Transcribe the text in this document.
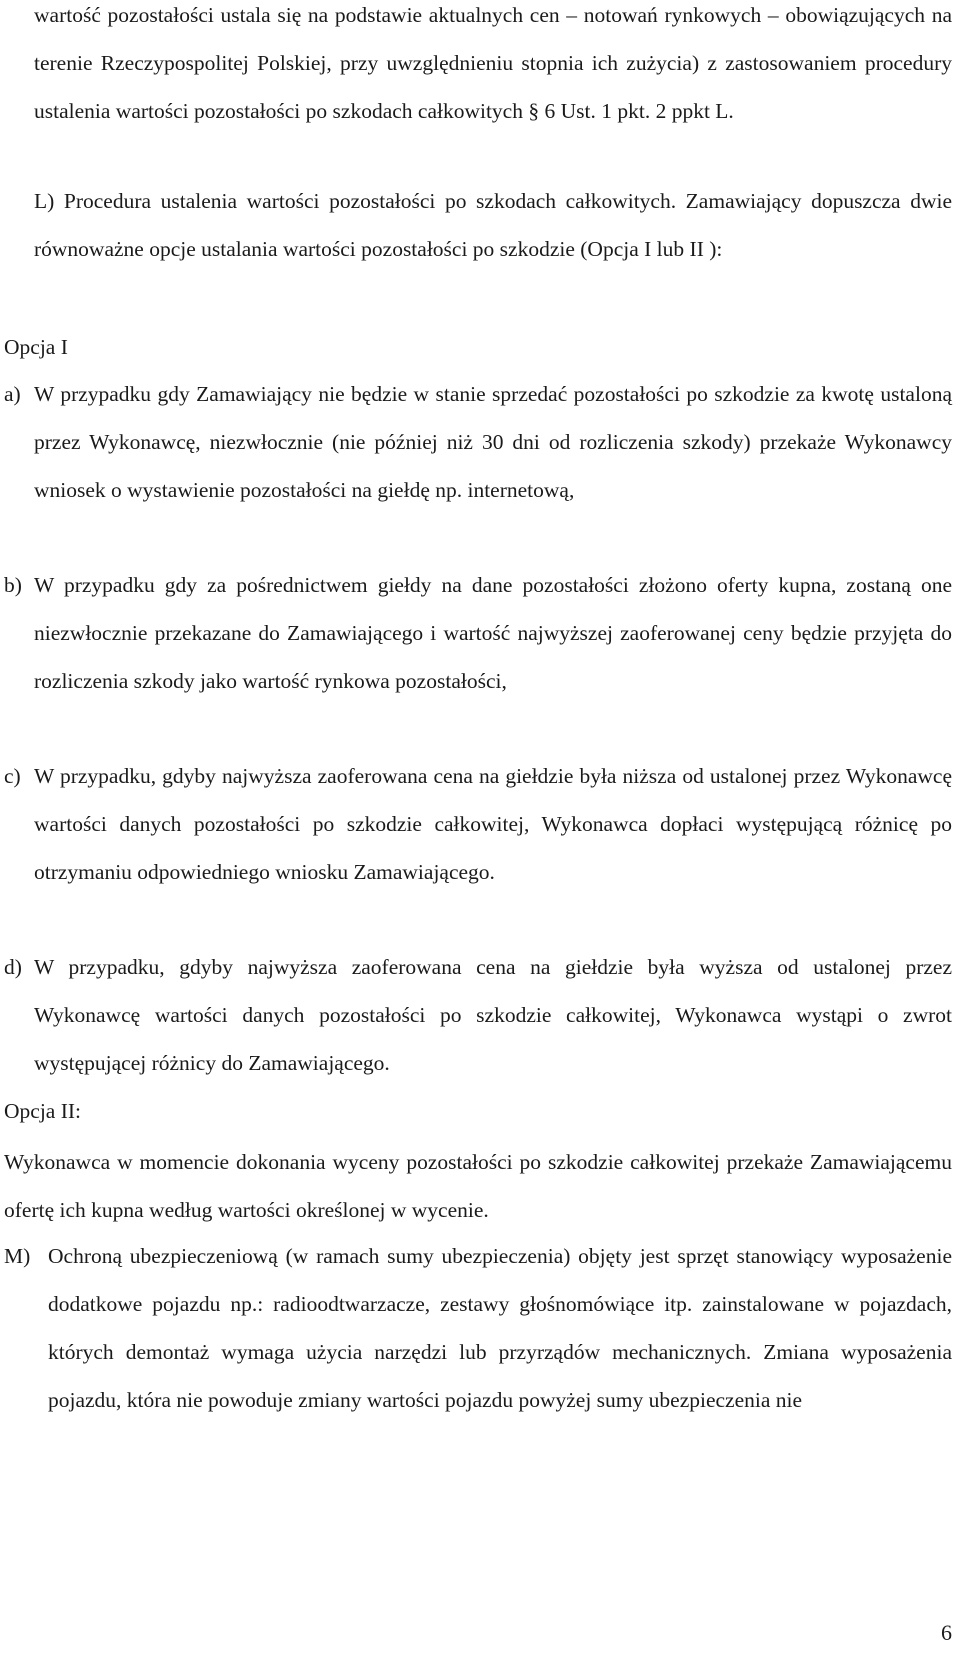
wartość pozostałości ustala się na podstawie aktualnych cen – notowań rynkowych – obowiązujących na terenie Rzeczypospolitej Polskiej, przy uwzględnieniu stopnia ich zużycia) z zastosowaniem procedury ustalenia wartości pozostałości po szkodach całkowitych § 6 Ust. 1 pkt. 2 ppkt L.

L) Procedura ustalenia wartości pozostałości po szkodach całkowitych. Zamawiający dopuszcza dwie równoważne opcje ustalania wartości pozostałości po szkodzie (Opcja I lub II ):

Opcja I

a) W przypadku gdy Zamawiający nie będzie w stanie sprzedać pozostałości po szkodzie za kwotę ustaloną przez Wykonawcę, niezwłocznie (nie później niż 30 dni od rozliczenia szkody) przekaże Wykonawcy wniosek o wystawienie pozostałości na giełdę np. internetową,
b) W przypadku gdy za pośrednictwem giełdy na dane pozostałości złożono oferty kupna, zostaną one niezwłocznie przekazane do Zamawiającego i wartość najwyższej zaoferowanej ceny będzie przyjęta do rozliczenia szkody jako wartość rynkowa pozostałości,
c) W przypadku, gdyby najwyższa zaoferowana cena na giełdzie była niższa od ustalonej przez Wykonawcę wartości danych pozostałości po szkodzie całkowitej, Wykonawca dopłaci występującą różnicę po otrzymaniu odpowiedniego wniosku Zamawiającego.
d) W przypadku, gdyby najwyższa zaoferowana cena na giełdzie była wyższa od ustalonej przez Wykonawcę wartości danych pozostałości po szkodzie całkowitej, Wykonawca wystąpi o zwrot występującej różnicy do Zamawiającego.

Opcja II:

Wykonawca w momencie dokonania wyceny pozostałości po szkodzie całkowitej przekaże Zamawiającemu ofertę ich kupna według wartości określonej w wycenie.

M) Ochroną ubezpieczeniową (w ramach sumy ubezpieczenia) objęty jest sprzęt stanowiący wyposażenie dodatkowe pojazdu np.: radioodtwarzacze, zestawy głośnomówiące itp. zainstalowane w pojazdach, których demontaż wymaga użycia narzędzi lub przyrządów mechanicznych. Zmiana wyposażenia pojazdu, która nie powoduje zmiany wartości pojazdu powyżej sumy ubezpieczenia nie
6
